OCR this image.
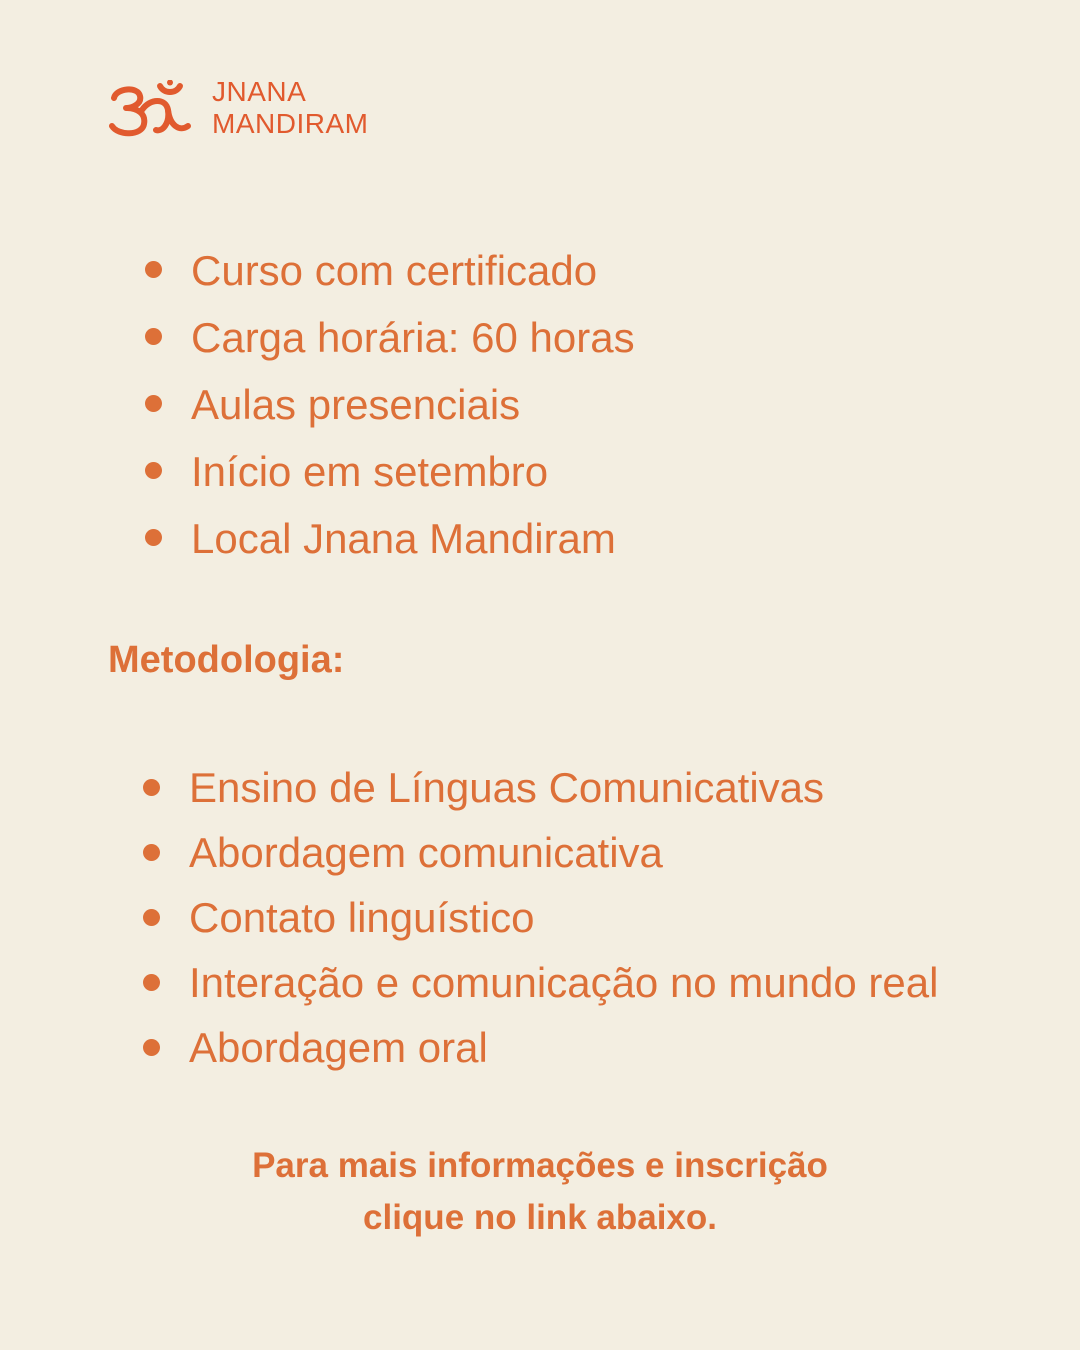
JNANA
MANDIRAM
Curso com certificado
Carga horária: 60 horas
Aulas presenciais
Início em setembro
Local Jnana Mandiram
Metodologia:
Ensino de Línguas Comunicativas
Abordagem comunicativa
Contato linguístico
Interação e comunicação no mundo real
Abordagem oral
Para mais informações e inscrição
clique no link abaixo.
